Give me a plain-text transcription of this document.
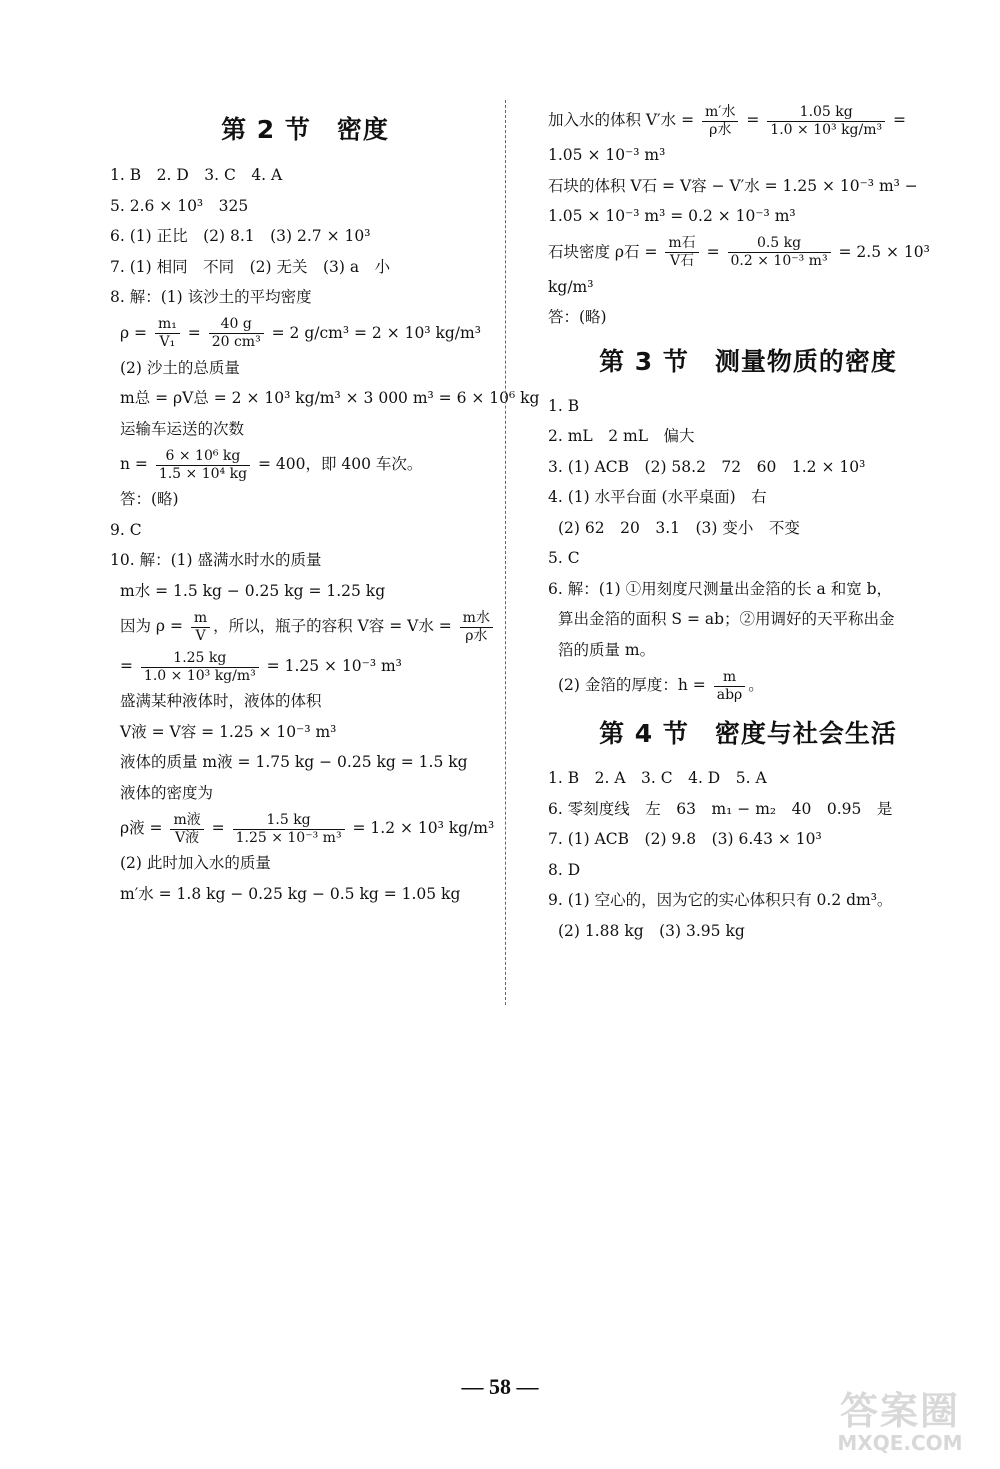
第 2 节　密度
1. B　2. D　3. C　4. A
5. 2.6 × 10³　325
6. (1) 正比　(2) 8.1　(3) 2.7 × 10³
7. (1) 相同　不同　(2) 无关　(3) a　小
8. 解：(1) 该沙土的平均密度
$\rho = \frac{\text{m₁}}{\text{V₁}} = \frac{40 g}{\text{20 cm³}} = 2$ g/cm³ = 2 × 10³ kg/m³
(2) 沙土的总质量
m总 = ρV总 = 2 × 10³ kg/m³ × 3 000 m³ = 6 × 10⁶ kg
运输车运送的次数
$n = \frac{\text{6 × 10⁶ kg}}{\text{1.5 × 10⁴ kg}} = 400$，即 400 车次。
答：(略)
9. C
10. 解：(1) 盛满水时水的质量
m水 = 1.5 kg − 0.25 kg = 1.25 kg
因为 $\rho = \frac{m}{V}$ ，所以，瓶子的容积 V容 = V水 = $\frac{\text{m水}}{\text{ρ水}}$
= $\frac{1.25 kg}{\text{1.0 × 10³ kg/m³}} = 1.25 \times 10^{-3}$ m³
盛满某种液体时，液体的体积
V液 = V容 = 1.25 × 10⁻³ m³
液体的质量 m液 = 1.75 kg − 0.25 kg = 1.5 kg
液体的密度为
ρ液 = $\frac{\text{m液}}{\text{V液}} = \frac{1.5 kg}{\text{1.25 × 10⁻³ m³}} = 1.2 \times 10^3$ kg/m³
(2) 此时加入水的质量
m′水 = 1.8 kg − 0.25 kg − 0.5 kg = 1.05 kg
加入水的体积 V′水 = $\frac{\text{m′水}}{\text{ρ水}} = \frac{1.05 kg}{\text{1.0 × 10³ kg/m³}}$ =
1.05 × 10⁻³ m³
石块的体积 V石 = V容 − V′水 = 1.25 × 10⁻³ m³ −
1.05 × 10⁻³ m³ = 0.2 × 10⁻³ m³
石块密度 ρ石 = $\frac{\text{m石}}{\text{V石}} = \frac{0.5 kg}{\text{0.2 × 10⁻³ m³}} = 2.5 \times 10^3$
kg/m³
答：(略)
第 3 节　测量物质的密度
1. B
2. mL　2 mL　偏大
3. (1) ACB　(2) 58.2　72　60　1.2 × 10³
4. (1) 水平台面 (水平桌面)　右
(2) 62　20　3.1　(3) 变小　不变
5. C
6. 解：(1) ①用刻度尺测量出金箔的长 a 和宽 b，
算出金箔的面积 S = ab；②用调好的天平称出金
箔的质量 m。
(2) 金箔的厚度：$h = \frac{m}{\text{abρ}}$ 。
第 4 节　密度与社会生活
1. B　2. A　3. C　4. D　5. A
6. 零刻度线　左　63　m₁ − m₂　40　0.95　是
7. (1) ACB　(2) 9.8　(3) 6.43 × 10³
8. D
9. (1) 空心的，因为它的实心体积只有 0.2 dm³。
(2) 1.88 kg　(3) 3.95 kg
— 58 —
答案圈
MXQE.COM
